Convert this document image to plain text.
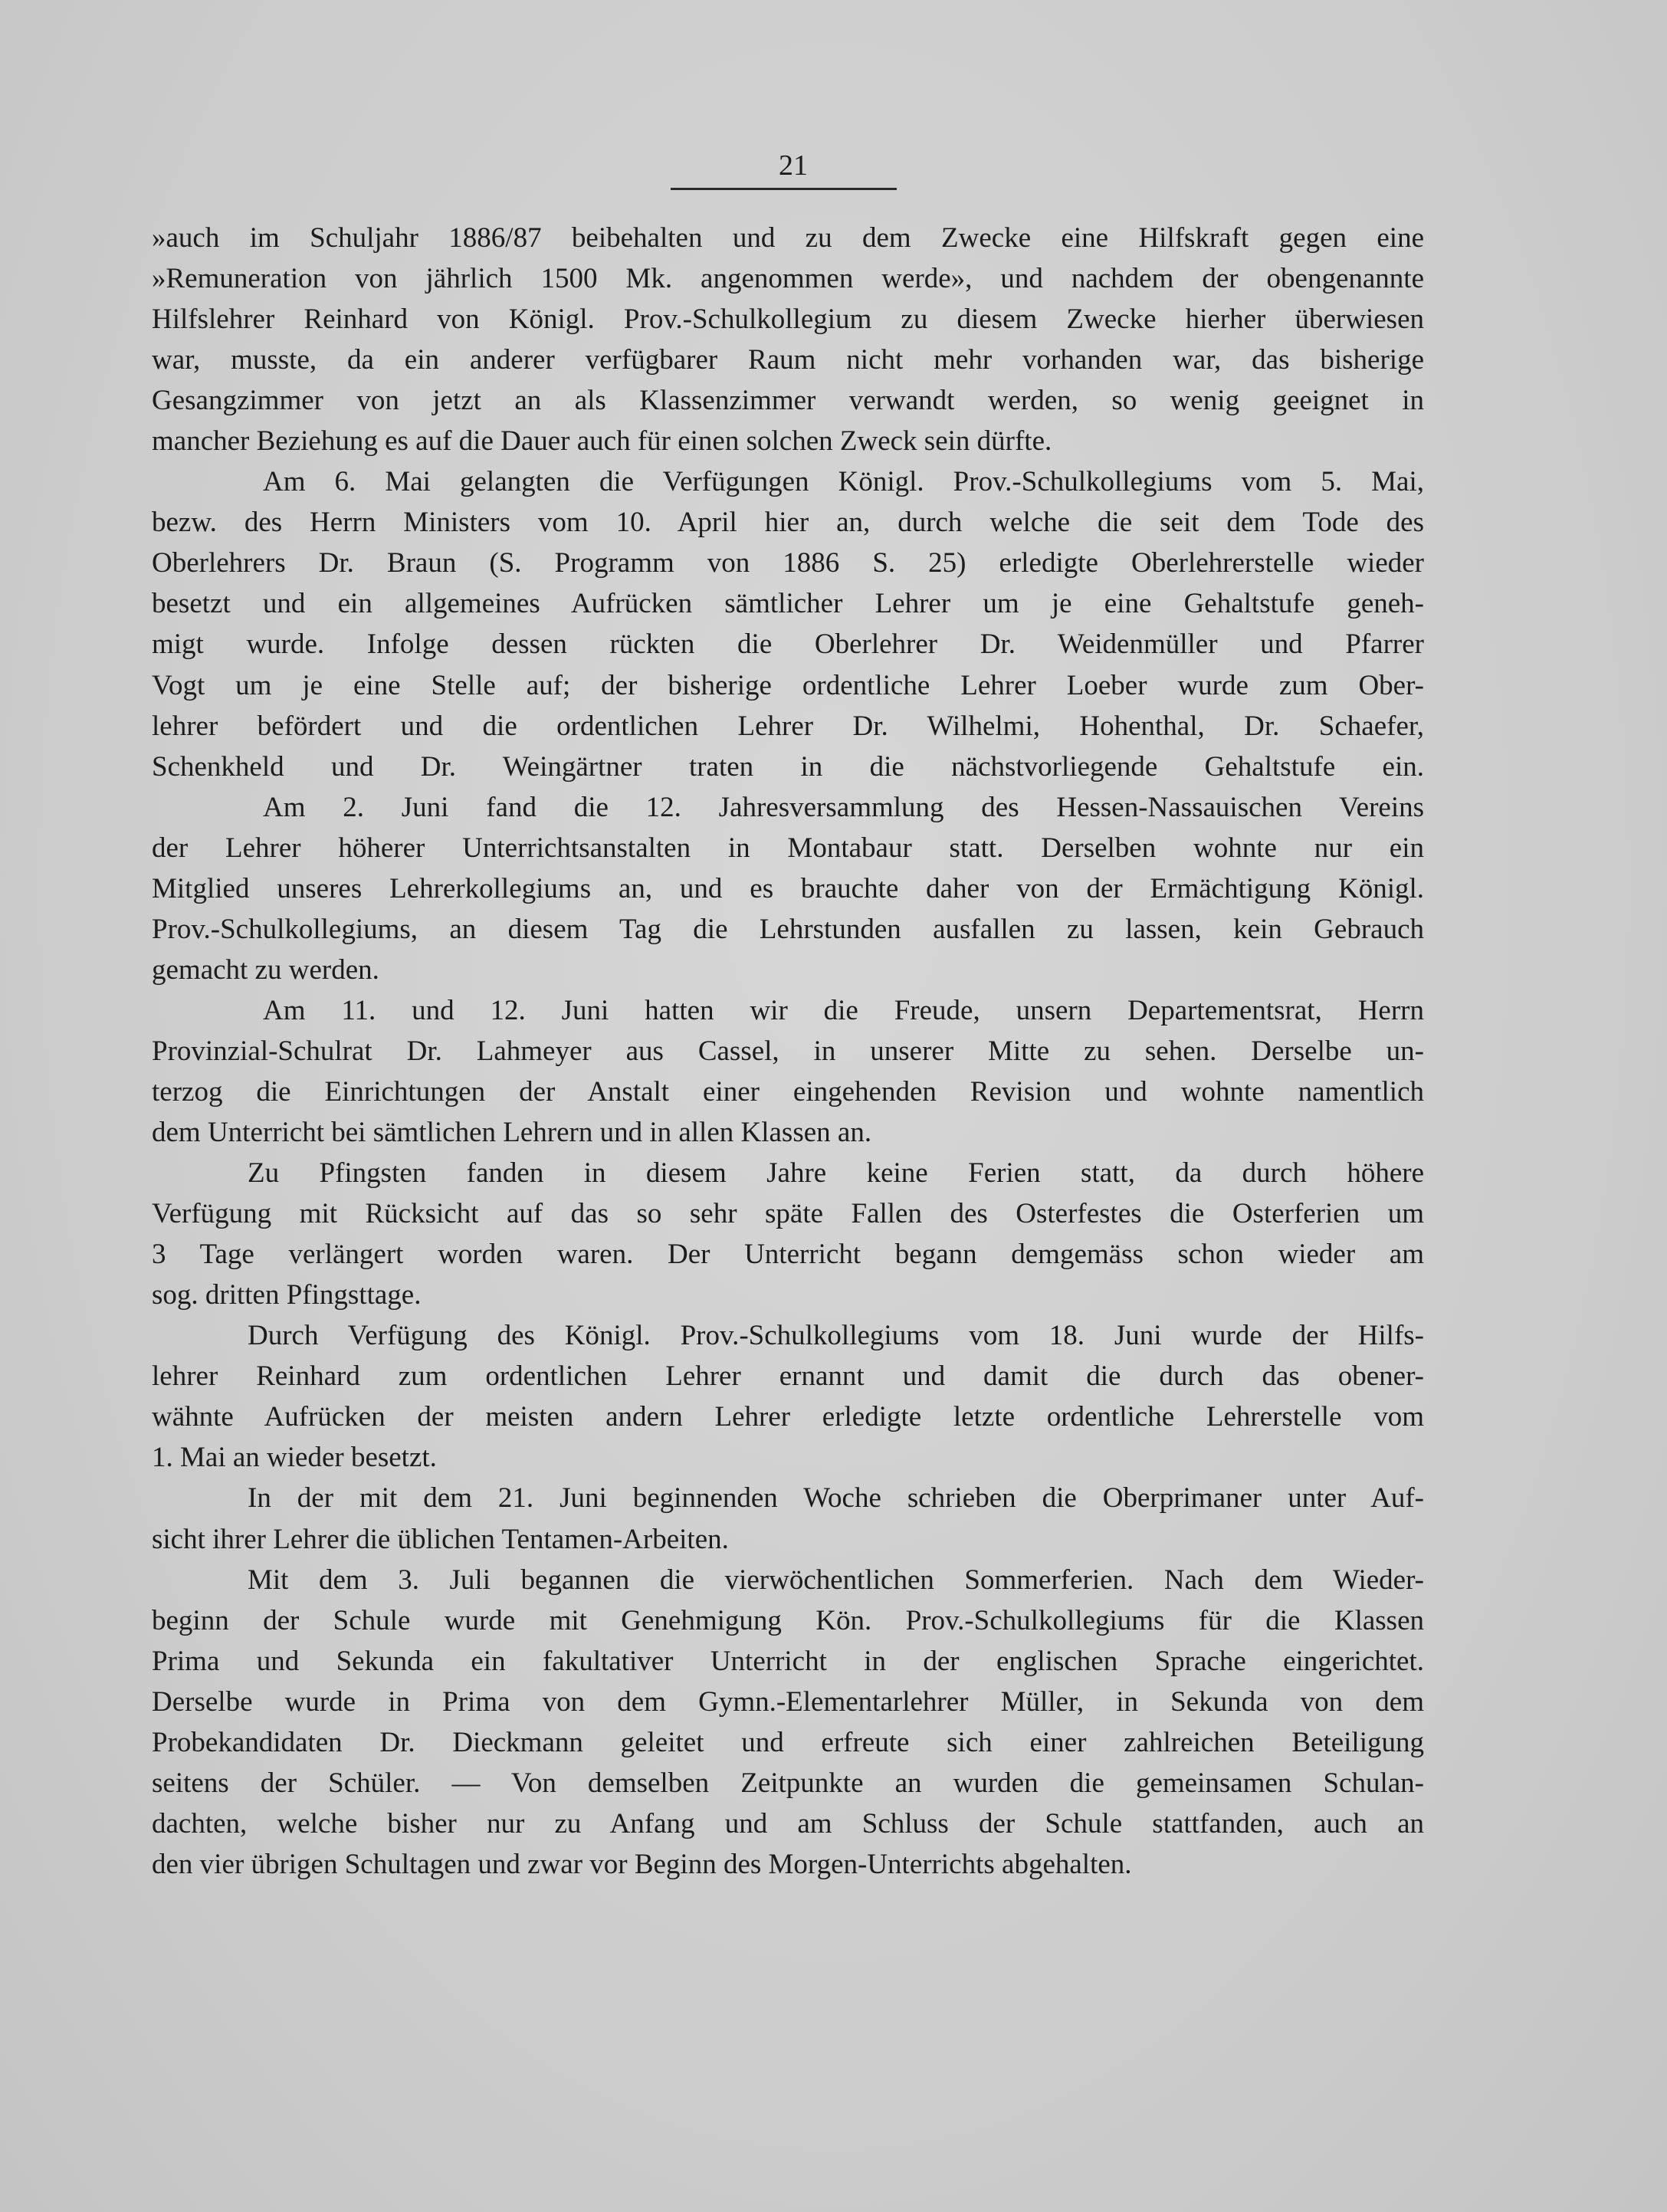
21
»auch im Schuljahr 1886/87 beibehalten und zu dem Zwecke eine Hilfskraft gegen eine
»Remuneration von jährlich 1500 Mk. angenommen werde», und nachdem der obengenannte
Hilfslehrer Reinhard von Königl. Prov.-Schulkollegium zu diesem Zwecke hierher überwiesen
war, musste, da ein anderer verfügbarer Raum nicht mehr vorhanden war, das bisherige
Gesangzimmer von jetzt an als Klassenzimmer verwandt werden, so wenig geeignet in
mancher Beziehung es auf die Dauer auch für einen solchen Zweck sein dürfte.
Am 6. Mai gelangten die Verfügungen Königl. Prov.-Schulkollegiums vom 5. Mai,
bezw. des Herrn Ministers vom 10. April hier an, durch welche die seit dem Tode des
Oberlehrers Dr. Braun (S. Programm von 1886 S. 25) erledigte Oberlehrerstelle wieder
besetzt und ein allgemeines Aufrücken sämtlicher Lehrer um je eine Gehaltstufe geneh-
migt wurde. Infolge dessen rückten die Oberlehrer Dr. Weidenmüller und Pfarrer
Vogt um je eine Stelle auf; der bisherige ordentliche Lehrer Loeber wurde zum Ober-
lehrer befördert und die ordentlichen Lehrer Dr. Wilhelmi, Hohenthal, Dr. Schaefer,
Schenkheld und Dr. Weingärtner traten in die nächstvorliegende Gehaltstufe ein.
Am 2. Juni fand die 12. Jahresversammlung des Hessen-Nassauischen Vereins
der Lehrer höherer Unterrichtsanstalten in Montabaur statt. Derselben wohnte nur ein
Mitglied unseres Lehrerkollegiums an, und es brauchte daher von der Ermächtigung Königl.
Prov.-Schulkollegiums, an diesem Tag die Lehrstunden ausfallen zu lassen, kein Gebrauch
gemacht zu werden.
Am 11. und 12. Juni hatten wir die Freude, unsern Departementsrat, Herrn
Provinzial-Schulrat Dr. Lahmeyer aus Cassel, in unserer Mitte zu sehen. Derselbe un-
terzog die Einrichtungen der Anstalt einer eingehenden Revision und wohnte namentlich
dem Unterricht bei sämtlichen Lehrern und in allen Klassen an.
Zu Pfingsten fanden in diesem Jahre keine Ferien statt, da durch höhere
Verfügung mit Rücksicht auf das so sehr späte Fallen des Osterfestes die Osterferien um
3 Tage verlängert worden waren. Der Unterricht begann demgemäss schon wieder am
sog. dritten Pfingsttage.
Durch Verfügung des Königl. Prov.-Schulkollegiums vom 18. Juni wurde der Hilfs-
lehrer Reinhard zum ordentlichen Lehrer ernannt und damit die durch das obener-
wähnte Aufrücken der meisten andern Lehrer erledigte letzte ordentliche Lehrerstelle vom
1. Mai an wieder besetzt.
In der mit dem 21. Juni beginnenden Woche schrieben die Oberprimaner unter Auf-
sicht ihrer Lehrer die üblichen Tentamen-Arbeiten.
Mit dem 3. Juli begannen die vierwöchentlichen Sommerferien. Nach dem Wieder-
beginn der Schule wurde mit Genehmigung Kön. Prov.-Schulkollegiums für die Klassen
Prima und Sekunda ein fakultativer Unterricht in der englischen Sprache eingerichtet.
Derselbe wurde in Prima von dem Gymn.-Elementarlehrer Müller, in Sekunda von dem
Probekandidaten Dr. Dieckmann geleitet und erfreute sich einer zahlreichen Beteiligung
seitens der Schüler. — Von demselben Zeitpunkte an wurden die gemeinsamen Schulan-
dachten, welche bisher nur zu Anfang und am Schluss der Schule stattfanden, auch an
den vier übrigen Schultagen und zwar vor Beginn des Morgen-Unterrichts abgehalten.
